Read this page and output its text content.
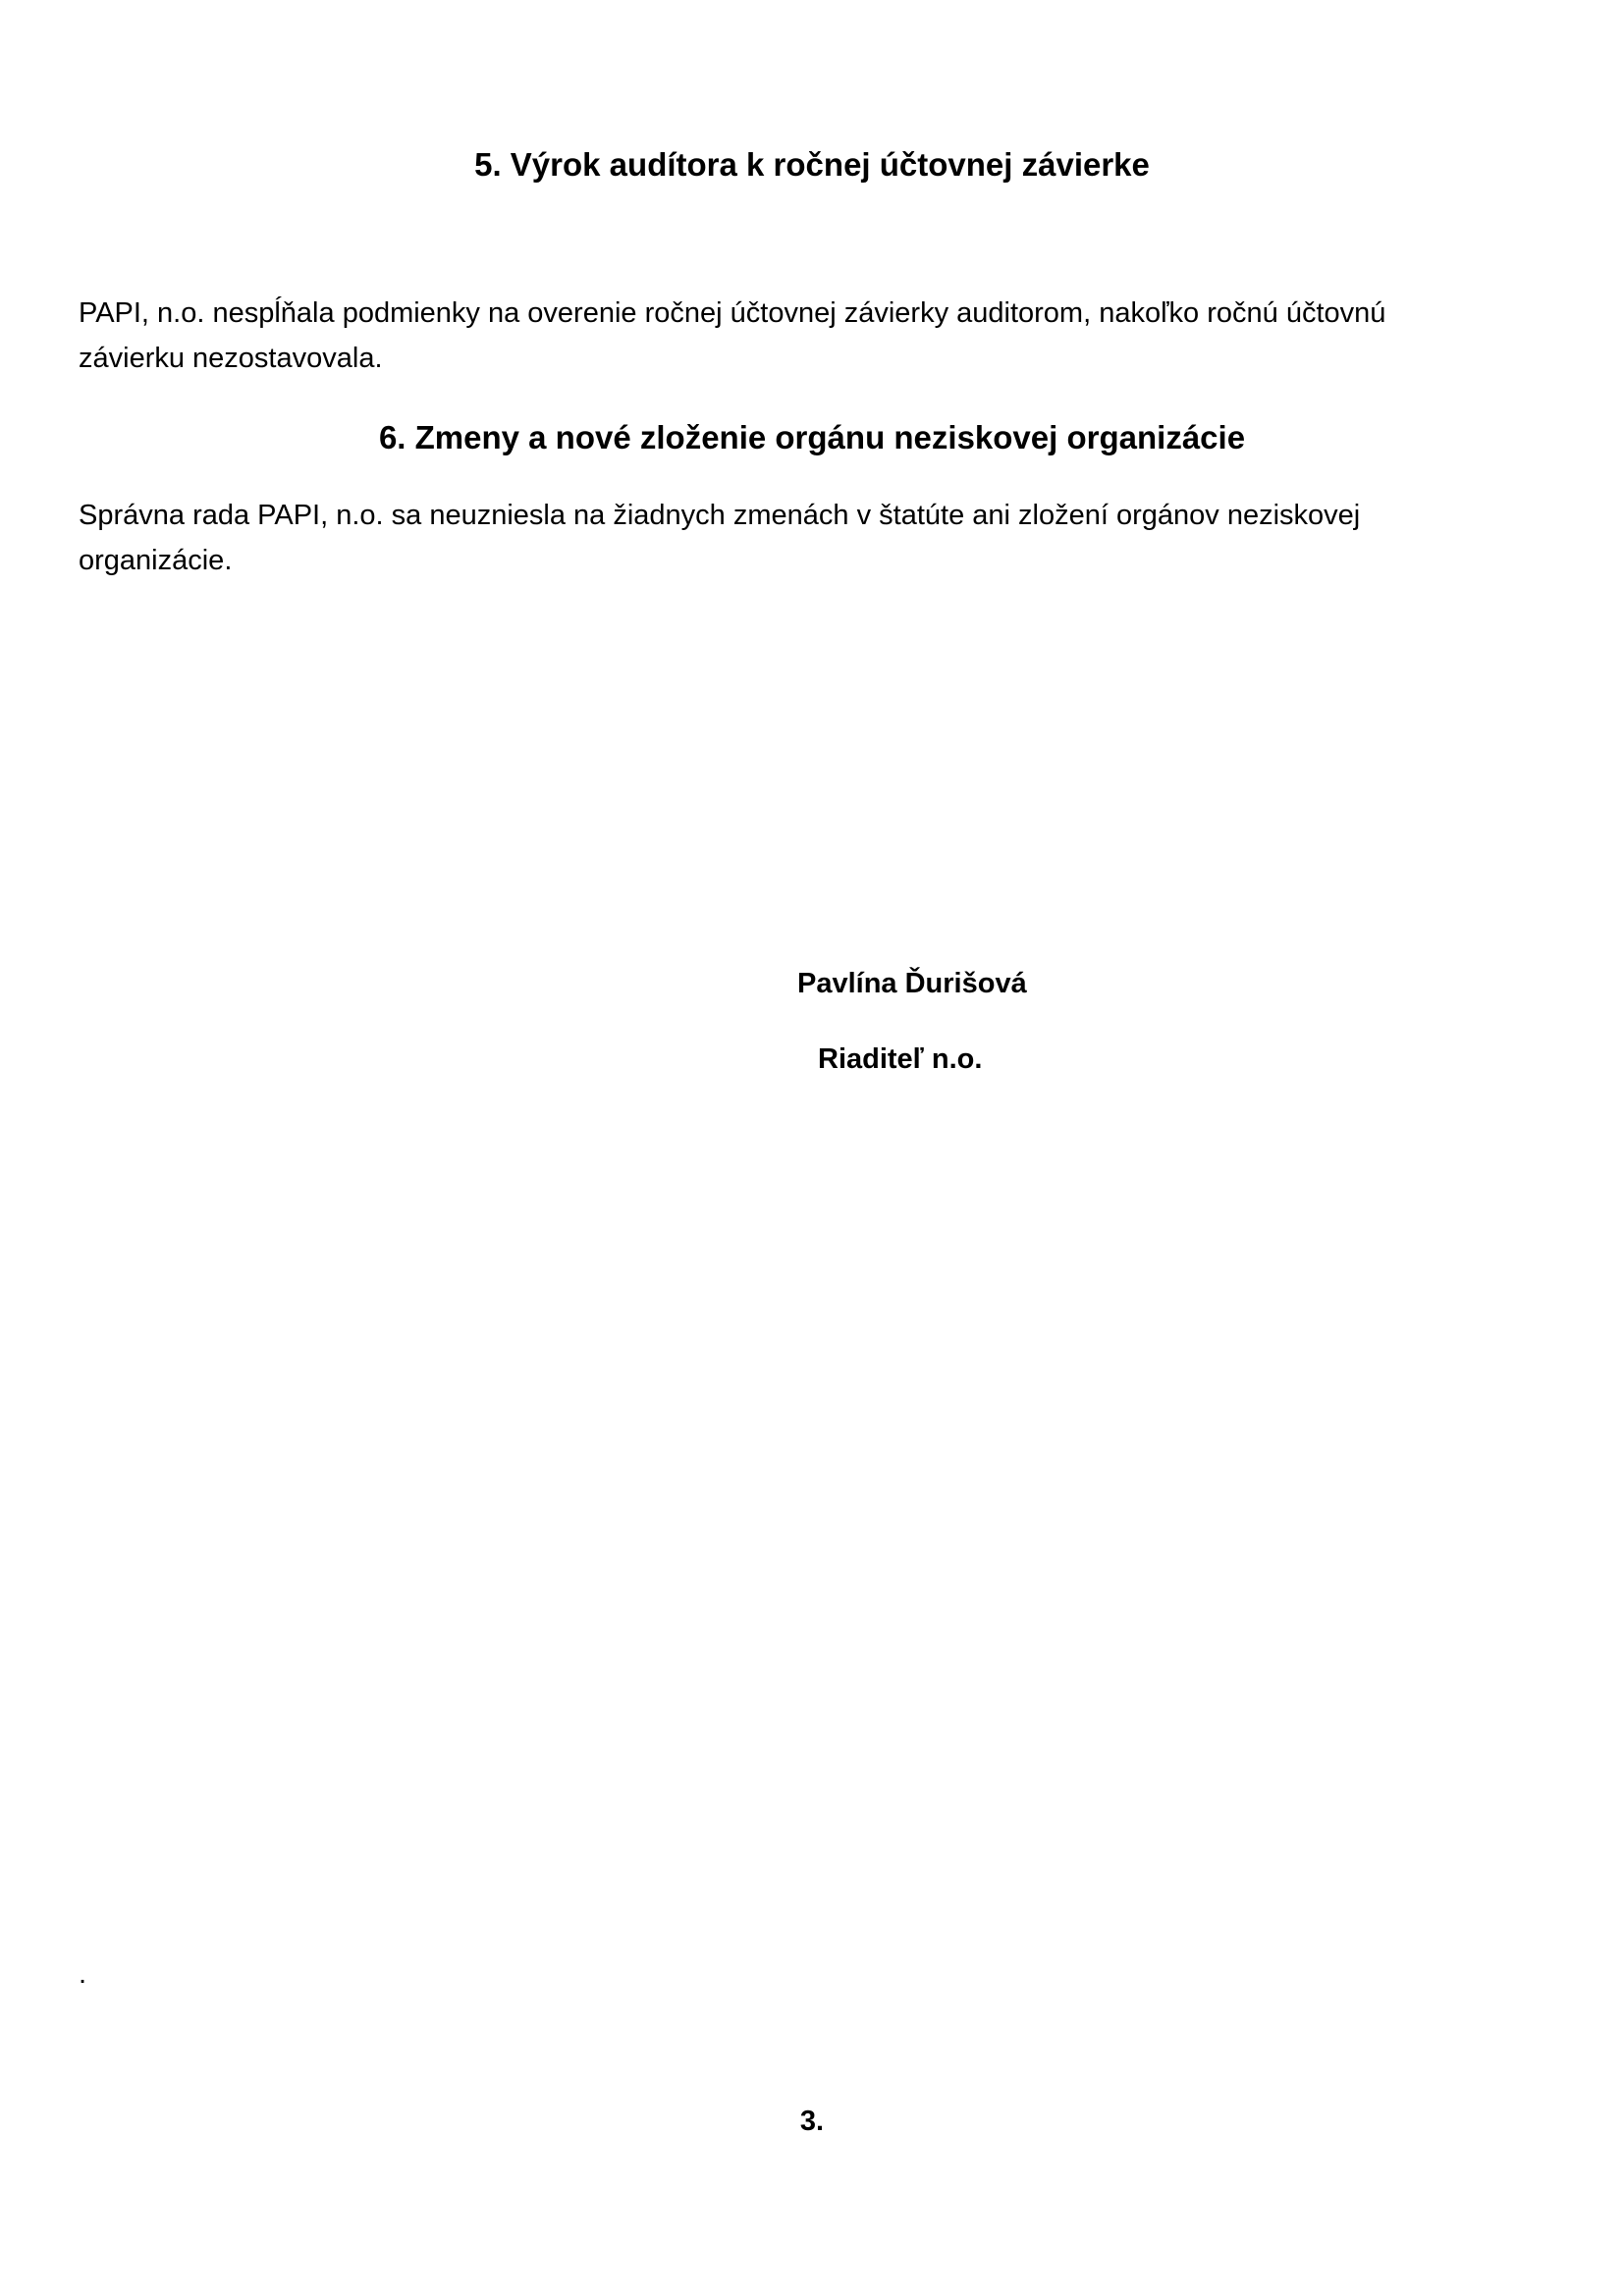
5. Výrok audítora k ročnej účtovnej závierke
PAPI, n.o. nespĺňala podmienky na overenie ročnej účtovnej závierky auditorom, nakoľko ročnú účtovnú
závierku nezostavovala.
6. Zmeny a nové zloženie orgánu neziskovej organizácie
Správna rada PAPI, n.o. sa neuzniesla na žiadnych zmenách v štatúte ani zložení orgánov neziskovej
organizácie.
Pavlína Ďurišová
Riaditeľ n.o.
.
3.
